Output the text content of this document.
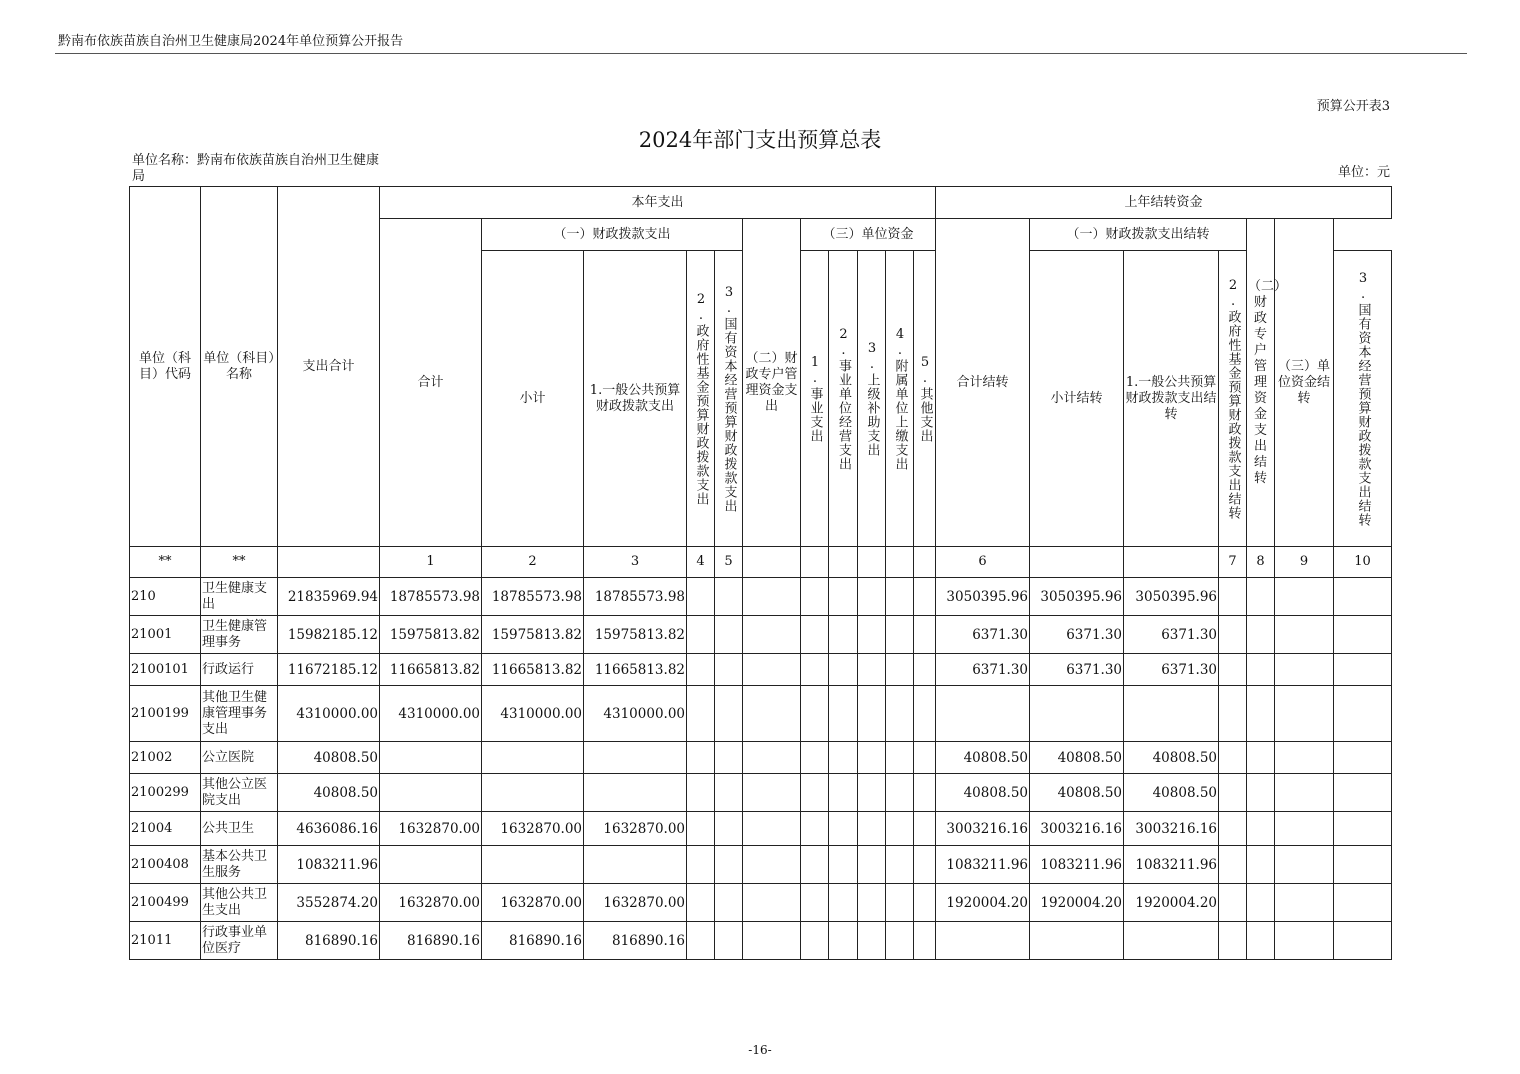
黔南布依族苗族自治州卫生健康局2024年单位预算公开报告
预算公开表3
2024年部门支出预算总表
单位名称：黔南布依族苗族自治州卫生健康局	单位：元
单位（科目）代码	单位（科目）名称	支出合计	本年支出											上年结转资金						
			合计	（一）财政拨款支出				（二）财政专户管理资金支出	（三）单位资金					合计结转	（一）财政拨款支出结转			（二）财政专户管理资金支出结转	（三）单位资金结转	
				小计	1.一般公共预算财政拨款支出	2.政府性基金预算财政拨款支出	3.国有资本经营预算财政拨款支出		1.事业支出	2.事业单位经营支出	3.上级补助支出	4.附属单位上缴支出	5.其他支出		小计结转	1.一般公共预算财政拨款支出结转	2.政府性基金预算财政拨款支出结转			3.国有资本经营预算财政拨款支出结转

**	**		1	2	3	4	5							6			7	8	9	10
210	卫生健康支出	21835969.94	18785573.98	18785573.98	18785573.98									3050395.96	3050395.96	3050395.96				
21001	卫生健康管理事务	15982185.12	15975813.82	15975813.82	15975813.82									6371.30	6371.30	6371.30				
2100101	行政运行	11672185.12	11665813.82	11665813.82	11665813.82									6371.30	6371.30	6371.30				
2100199	其他卫生健康管理事务支出	4310000.00	4310000.00	4310000.00	4310000.00															
21002	公立医院	40808.50												40808.50	40808.50	40808.50				
2100299	其他公立医院支出	40808.50												40808.50	40808.50	40808.50				
21004	公共卫生	4636086.16	1632870.00	1632870.00	1632870.00									3003216.16	3003216.16	3003216.16				
2100408	基本公共卫生服务	1083211.96												1083211.96	1083211.96	1083211.96				
2100499	其他公共卫生支出	3552874.20	1632870.00	1632870.00	1632870.00									1920004.20	1920004.20	1920004.20				
21011	行政事业单位医疗	816890.16	816890.16	816890.16	816890.16															
-16-
